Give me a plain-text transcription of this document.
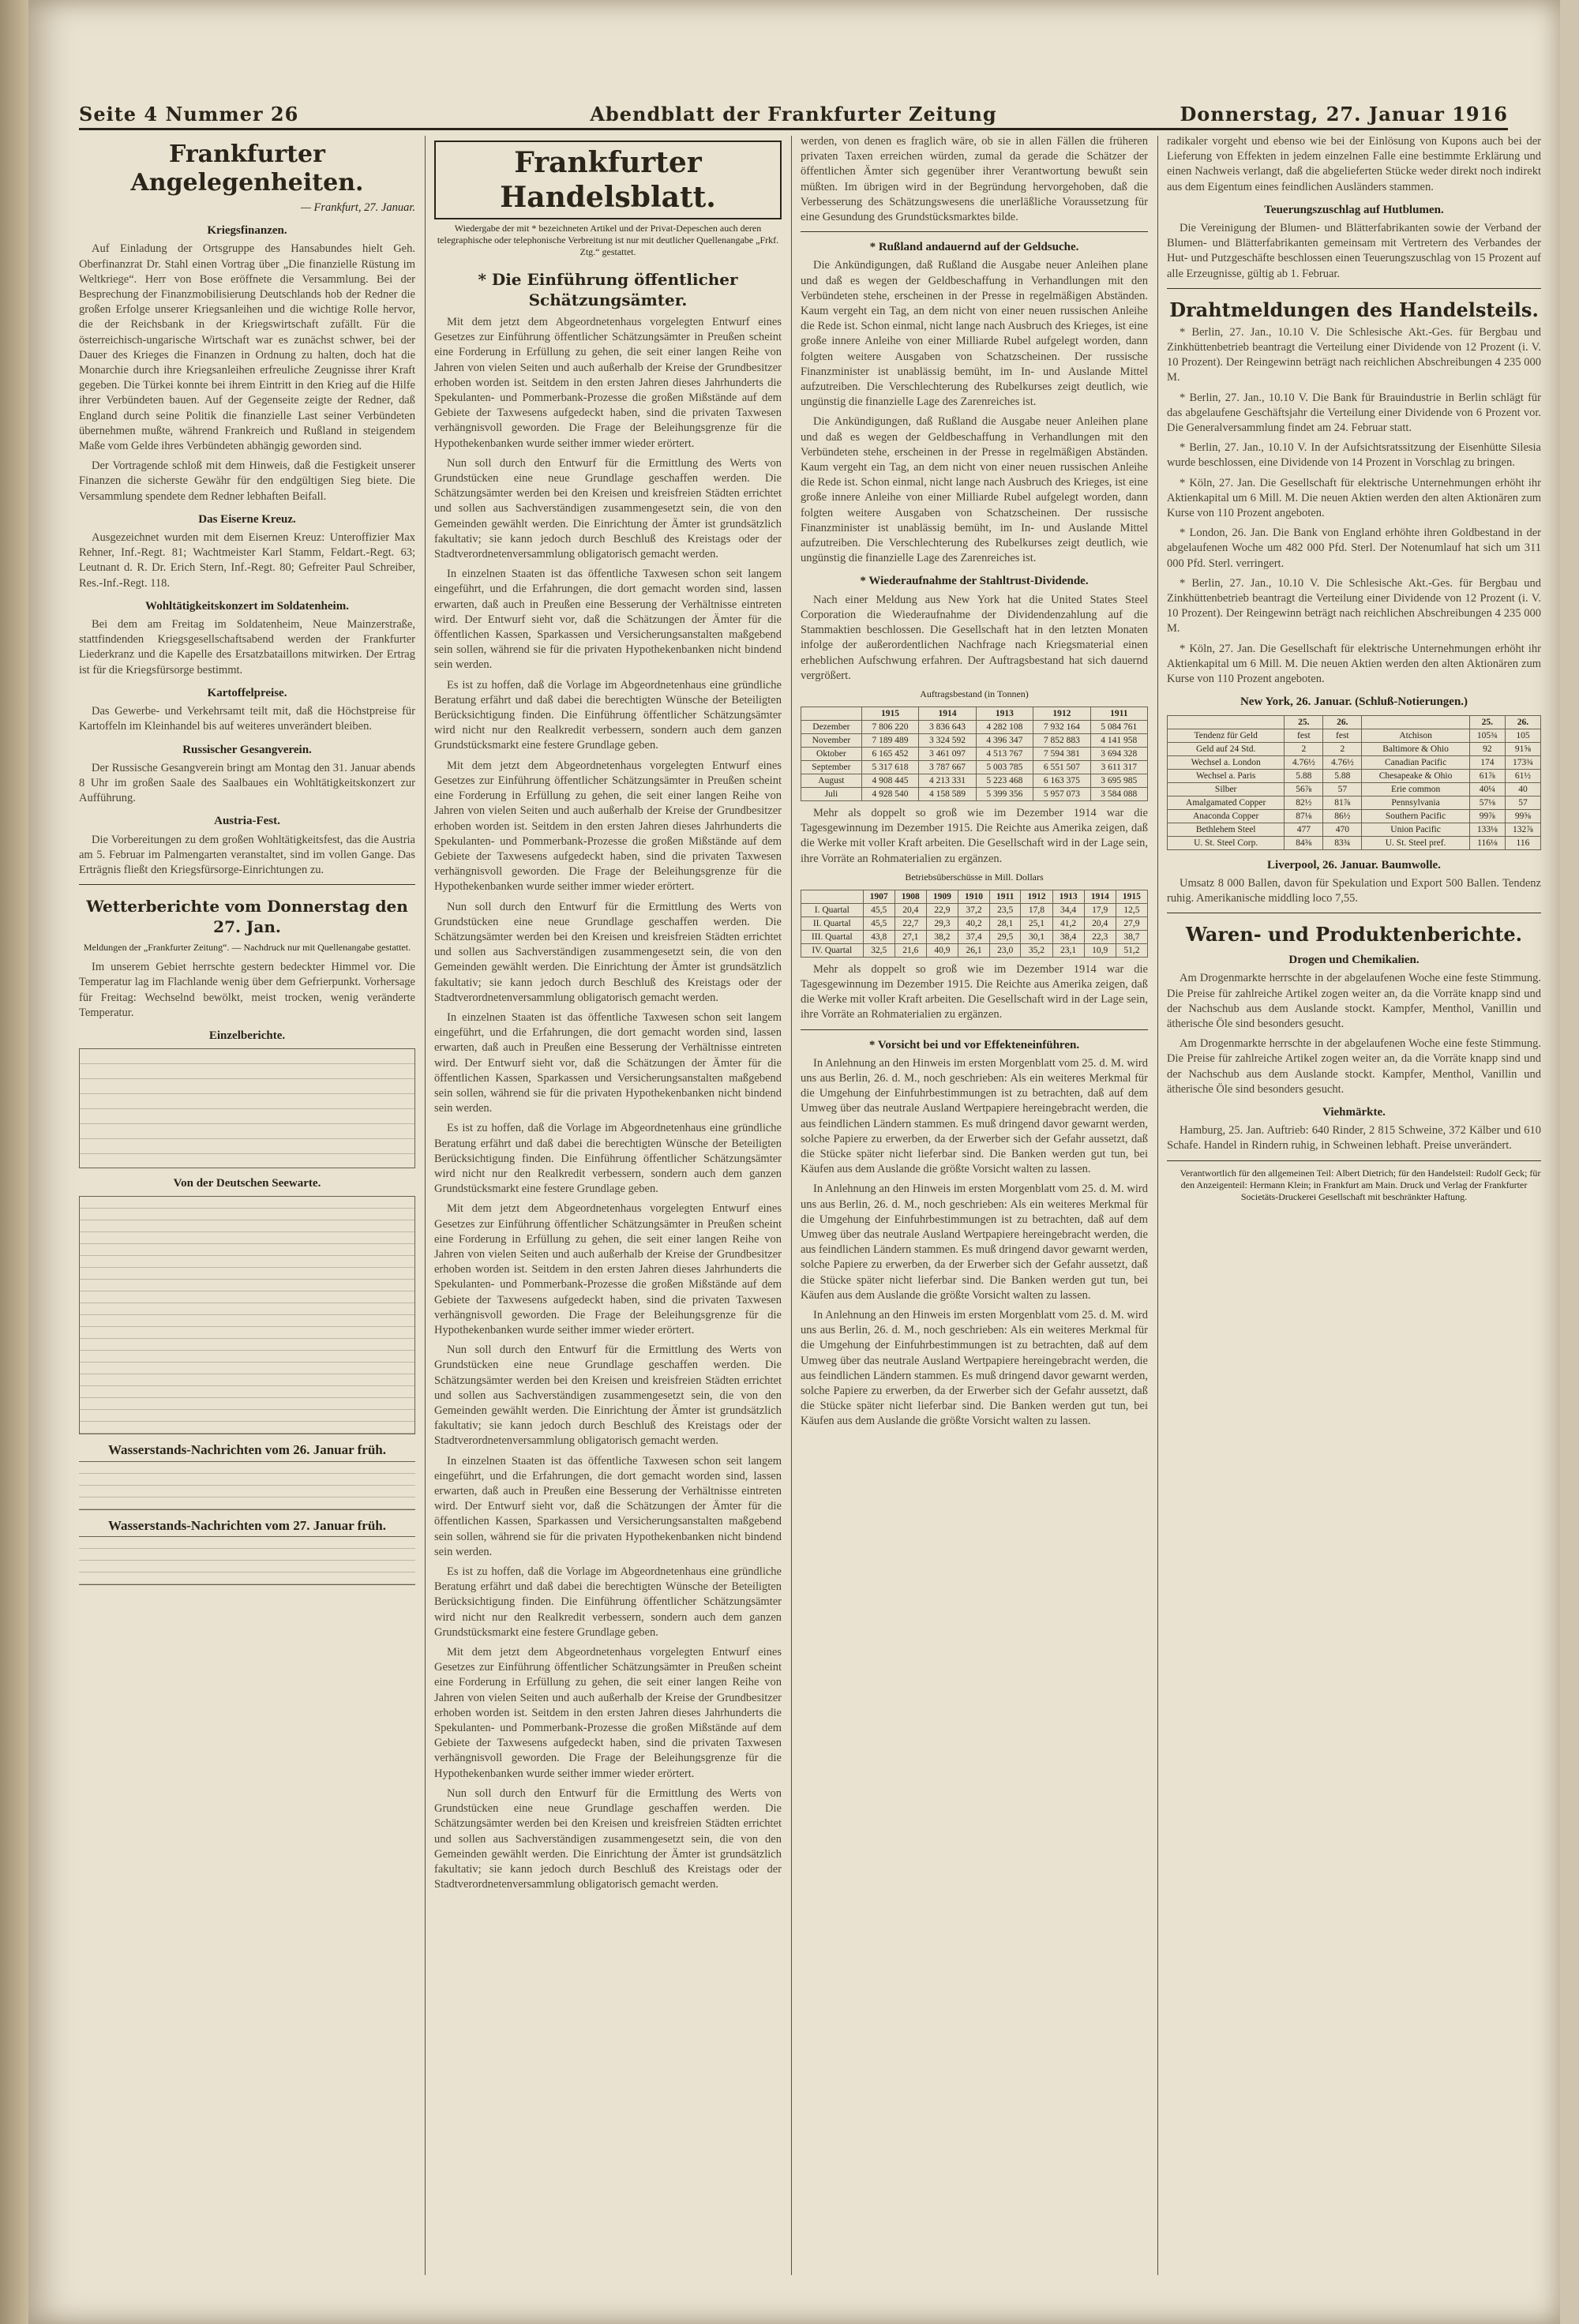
Seite 4 Nummer 26	Abendblatt der Frankfurter Zeitung	Donnerstag, 27. Januar 1916
Frankfurter Angelegenheiten.
— Frankfurt, 27. Januar.
Kriegsfinanzen.

Auf Einladung der Ortsgruppe des Hansabundes hielt Geh. Oberfinanzrat Dr. Stahl einen Vortrag über „Die finanzielle Rüstung im Weltkriege“. Herr von Bose eröffnete die Versammlung. Bei der Besprechung der Finanzmobilisierung Deutschlands hob der Redner die großen Erfolge unserer Kriegsanleihen und die wichtige Rolle hervor, die der Reichsbank in der Kriegswirtschaft zufällt. Für die österreichisch-ungarische Wirtschaft war es zunächst schwer, bei der Dauer des Krieges die Finanzen in Ordnung zu halten, doch hat die Monarchie durch ihre Kriegsanleihen erfreuliche Zeugnisse ihrer Kraft gegeben. Die Türkei konnte bei ihrem Eintritt in den Krieg auf die Hilfe ihrer Verbündeten bauen. Auf der Gegenseite zeigte der Redner, daß England durch seine Politik die finanzielle Last seiner Verbündeten übernehmen mußte, während Frankreich und Rußland in steigendem Maße vom Gelde ihres Verbündeten abhängig geworden sind.

Der Vortragende schloß mit dem Hinweis, daß die Festigkeit unserer Finanzen die sicherste Gewähr für den endgültigen Sieg biete. Die Versammlung spendete dem Redner lebhaften Beifall.

Das Eiserne Kreuz.

Ausgezeichnet wurden mit dem Eisernen Kreuz: Unteroffizier Max Rehner, Inf.-Regt. 81; Wachtmeister Karl Stamm, Feldart.-Regt. 63; Leutnant d. R. Dr. Erich Stern, Inf.-Regt. 80; Gefreiter Paul Schreiber, Res.-Inf.-Regt. 118.

Wohltätigkeitskonzert im Soldatenheim.

Bei dem am Freitag im Soldatenheim, Neue Mainzerstraße, stattfindenden Kriegsgesellschaftsabend werden der Frankfurter Liederkranz und die Kapelle des Ersatzbataillons mitwirken. Der Ertrag ist für die Kriegsfürsorge bestimmt.

Kartoffelpreise.

Das Gewerbe- und Verkehrsamt teilt mit, daß die Höchstpreise für Kartoffeln im Kleinhandel bis auf weiteres unverändert bleiben.

Russischer Gesangverein.

Der Russische Gesangverein bringt am Montag den 31. Januar abends 8 Uhr im großen Saale des Saalbaues ein Wohltätigkeitskonzert zur Aufführung.

Austria-Fest.

Die Vorbereitungen zu dem großen Wohltätigkeitsfest, das die Austria am 5. Februar im Palmengarten veranstaltet, sind im vollen Gange. Das Erträgnis fließt den Kriegsfürsorge-Einrichtungen zu.

Wetterberichte vom Donnerstag den 27. Jan.
Meldungen der „Frankfurter Zeitung“. — Nachdruck nur mit Quellenangabe gestattet.

Im unserem Gebiet herrschte gestern bedeckter Himmel vor. Die Temperatur lag im Flachlande wenig über dem Gefrierpunkt. Vorhersage für Freitag: Wechselnd bewölkt, meist trocken, wenig veränderte Temperatur.

Einzelberichte.
Von der Deutschen Seewarte.
Wasserstands-Nachrichten vom 26. Januar früh.
Wasserstands-Nachrichten vom 27. Januar früh.
Frankfurter Handelsblatt.
Wiedergabe der mit * bezeichneten Artikel und der Privat-Depeschen auch deren telegraphische oder telephonische Verbreitung ist nur mit deutlicher Quellenangabe „Frkf. Ztg.“ gestattet.
* Die Einführung öffentlicher Schätzungsämter.

Mit dem jetzt dem Abgeordnetenhaus vorgelegten Entwurf eines Gesetzes zur Einführung öffentlicher Schätzungsämter in Preußen scheint eine Forderung in Erfüllung zu gehen, die seit einer langen Reihe von Jahren von vielen Seiten und auch außerhalb der Kreise der Grundbesitzer erhoben worden ist. Seitdem in den ersten Jahren dieses Jahrhunderts die Spekulanten- und Pommerbank-Prozesse die großen Mißstände auf dem Gebiete der Taxwesens aufgedeckt haben, sind die privaten Taxwesen verhängnisvoll geworden. Die Frage der Beleihungsgrenze für die Hypothekenbanken wurde seither immer wieder erörtert.

Nun soll durch den Entwurf für die Ermittlung des Werts von Grundstücken eine neue Grundlage geschaffen werden. Die Schätzungsämter werden bei den Kreisen und kreisfreien Städten errichtet und sollen aus Sachverständigen zusammengesetzt sein, die von den Gemeinden gewählt werden. Die Einrichtung der Ämter ist grundsätzlich fakultativ; sie kann jedoch durch Beschluß des Kreistags oder der Stadtverordnetenversammlung obligatorisch gemacht werden.

In einzelnen Staaten ist das öffentliche Taxwesen schon seit langem eingeführt, und die Erfahrungen, die dort gemacht worden sind, lassen erwarten, daß auch in Preußen eine Besserung der Verhältnisse eintreten wird. Der Entwurf sieht vor, daß die Schätzungen der Ämter für die öffentlichen Kassen, Sparkassen und Versicherungsanstalten maßgebend sein sollen, während sie für die privaten Hypothekenbanken nicht bindend sein werden.

Es ist zu hoffen, daß die Vorlage im Abgeordnetenhaus eine gründliche Beratung erfährt und daß dabei die berechtigten Wünsche der Beteiligten Berücksichtigung finden. Die Einführung öffentlicher Schätzungsämter wird nicht nur den Realkredit verbessern, sondern auch dem ganzen Grundstücksmarkt eine festere Grundlage geben.

Mit dem jetzt dem Abgeordnetenhaus vorgelegten Entwurf eines Gesetzes zur Einführung öffentlicher Schätzungsämter in Preußen scheint eine Forderung in Erfüllung zu gehen, die seit einer langen Reihe von Jahren von vielen Seiten und auch außerhalb der Kreise der Grundbesitzer erhoben worden ist. Seitdem in den ersten Jahren dieses Jahrhunderts die Spekulanten- und Pommerbank-Prozesse die großen Mißstände auf dem Gebiete der Taxwesens aufgedeckt haben, sind die privaten Taxwesen verhängnisvoll geworden. Die Frage der Beleihungsgrenze für die Hypothekenbanken wurde seither immer wieder erörtert.

Nun soll durch den Entwurf für die Ermittlung des Werts von Grundstücken eine neue Grundlage geschaffen werden. Die Schätzungsämter werden bei den Kreisen und kreisfreien Städten errichtet und sollen aus Sachverständigen zusammengesetzt sein, die von den Gemeinden gewählt werden. Die Einrichtung der Ämter ist grundsätzlich fakultativ; sie kann jedoch durch Beschluß des Kreistags oder der Stadtverordnetenversammlung obligatorisch gemacht werden.

In einzelnen Staaten ist das öffentliche Taxwesen schon seit langem eingeführt, und die Erfahrungen, die dort gemacht worden sind, lassen erwarten, daß auch in Preußen eine Besserung der Verhältnisse eintreten wird. Der Entwurf sieht vor, daß die Schätzungen der Ämter für die öffentlichen Kassen, Sparkassen und Versicherungsanstalten maßgebend sein sollen, während sie für die privaten Hypothekenbanken nicht bindend sein werden.

Es ist zu hoffen, daß die Vorlage im Abgeordnetenhaus eine gründliche Beratung erfährt und daß dabei die berechtigten Wünsche der Beteiligten Berücksichtigung finden. Die Einführung öffentlicher Schätzungsämter wird nicht nur den Realkredit verbessern, sondern auch dem ganzen Grundstücksmarkt eine festere Grundlage geben.

Mit dem jetzt dem Abgeordnetenhaus vorgelegten Entwurf eines Gesetzes zur Einführung öffentlicher Schätzungsämter in Preußen scheint eine Forderung in Erfüllung zu gehen, die seit einer langen Reihe von Jahren von vielen Seiten und auch außerhalb der Kreise der Grundbesitzer erhoben worden ist. Seitdem in den ersten Jahren dieses Jahrhunderts die Spekulanten- und Pommerbank-Prozesse die großen Mißstände auf dem Gebiete der Taxwesens aufgedeckt haben, sind die privaten Taxwesen verhängnisvoll geworden. Die Frage der Beleihungsgrenze für die Hypothekenbanken wurde seither immer wieder erörtert.

Nun soll durch den Entwurf für die Ermittlung des Werts von Grundstücken eine neue Grundlage geschaffen werden. Die Schätzungsämter werden bei den Kreisen und kreisfreien Städten errichtet und sollen aus Sachverständigen zusammengesetzt sein, die von den Gemeinden gewählt werden. Die Einrichtung der Ämter ist grundsätzlich fakultativ; sie kann jedoch durch Beschluß des Kreistags oder der Stadtverordnetenversammlung obligatorisch gemacht werden.

In einzelnen Staaten ist das öffentliche Taxwesen schon seit langem eingeführt, und die Erfahrungen, die dort gemacht worden sind, lassen erwarten, daß auch in Preußen eine Besserung der Verhältnisse eintreten wird. Der Entwurf sieht vor, daß die Schätzungen der Ämter für die öffentlichen Kassen, Sparkassen und Versicherungsanstalten maßgebend sein sollen, während sie für die privaten Hypothekenbanken nicht bindend sein werden.

Es ist zu hoffen, daß die Vorlage im Abgeordnetenhaus eine gründliche Beratung erfährt und daß dabei die berechtigten Wünsche der Beteiligten Berücksichtigung finden. Die Einführung öffentlicher Schätzungsämter wird nicht nur den Realkredit verbessern, sondern auch dem ganzen Grundstücksmarkt eine festere Grundlage geben.

Mit dem jetzt dem Abgeordnetenhaus vorgelegten Entwurf eines Gesetzes zur Einführung öffentlicher Schätzungsämter in Preußen scheint eine Forderung in Erfüllung zu gehen, die seit einer langen Reihe von Jahren von vielen Seiten und auch außerhalb der Kreise der Grundbesitzer erhoben worden ist. Seitdem in den ersten Jahren dieses Jahrhunderts die Spekulanten- und Pommerbank-Prozesse die großen Mißstände auf dem Gebiete der Taxwesens aufgedeckt haben, sind die privaten Taxwesen verhängnisvoll geworden. Die Frage der Beleihungsgrenze für die Hypothekenbanken wurde seither immer wieder erörtert.

Nun soll durch den Entwurf für die Ermittlung des Werts von Grundstücken eine neue Grundlage geschaffen werden. Die Schätzungsämter werden bei den Kreisen und kreisfreien Städten errichtet und sollen aus Sachverständigen zusammengesetzt sein, die von den Gemeinden gewählt werden. Die Einrichtung der Ämter ist grundsätzlich fakultativ; sie kann jedoch durch Beschluß des Kreistags oder der Stadtverordnetenversammlung obligatorisch gemacht werden.

werden, von denen es fraglich wäre, ob sie in allen Fällen die früheren privaten Taxen erreichen würden, zumal da gerade die Schätzer der öffentlichen Ämter sich gegenüber ihrer Verantwortung bewußt sein müßten. Im übrigen wird in der Begründung hervorgehoben, daß die Verbesserung des Schätzungswesens die unerläßliche Voraussetzung für eine Gesundung des Grundstücksmarktes bilde.

* Rußland andauernd auf der Geldsuche.

Die Ankündigungen, daß Rußland die Ausgabe neuer Anleihen plane und daß es wegen der Geldbeschaffung in Verhandlungen mit den Verbündeten stehe, erscheinen in der Presse in regelmäßigen Abständen. Kaum vergeht ein Tag, an dem nicht von einer neuen russischen Anleihe die Rede ist. Schon einmal, nicht lange nach Ausbruch des Krieges, ist eine große innere Anleihe von einer Milliarde Rubel aufgelegt worden, dann folgten weitere Ausgaben von Schatzscheinen. Der russische Finanzminister ist unablässig bemüht, im In- und Auslande Mittel aufzutreiben. Die Verschlechterung des Rubelkurses zeigt deutlich, wie ungünstig die finanzielle Lage des Zarenreiches ist.

Die Ankündigungen, daß Rußland die Ausgabe neuer Anleihen plane und daß es wegen der Geldbeschaffung in Verhandlungen mit den Verbündeten stehe, erscheinen in der Presse in regelmäßigen Abständen. Kaum vergeht ein Tag, an dem nicht von einer neuen russischen Anleihe die Rede ist. Schon einmal, nicht lange nach Ausbruch des Krieges, ist eine große innere Anleihe von einer Milliarde Rubel aufgelegt worden, dann folgten weitere Ausgaben von Schatzscheinen. Der russische Finanzminister ist unablässig bemüht, im In- und Auslande Mittel aufzutreiben. Die Verschlechterung des Rubelkurses zeigt deutlich, wie ungünstig die finanzielle Lage des Zarenreiches ist.

* Wiederaufnahme der Stahltrust-Dividende.

Nach einer Meldung aus New York hat die United States Steel Corporation die Wiederaufnahme der Dividendenzahlung auf die Stammaktien beschlossen. Die Gesellschaft hat in den letzten Monaten infolge der außerordentlichen Nachfrage nach Kriegsmaterial einen erheblichen Aufschwung erfahren. Der Auftragsbestand hat sich dauernd vergrößert.

Auftragsbestand (in Tonnen)
	1915	1914	1913	1912	1911
Dezember	7 806 220	3 836 643	4 282 108	7 932 164	5 084 761
November	7 189 489	3 324 592	4 396 347	7 852 883	4 141 958
Oktober	6 165 452	3 461 097	4 513 767	7 594 381	3 694 328
September	5 317 618	3 787 667	5 003 785	6 551 507	3 611 317
August	4 908 445	4 213 331	5 223 468	6 163 375	3 695 985
Juli	4 928 540	4 158 589	5 399 356	5 957 073	3 584 088

Mehr als doppelt so groß wie im Dezember 1914 war die Tagesgewinnung im Dezember 1915. Die Reichte aus Amerika zeigen, daß die Werke mit voller Kraft arbeiten. Die Gesellschaft wird in der Lage sein, ihre Vorräte an Rohmaterialien zu ergänzen.

Betriebsüberschüsse in Mill. Dollars
	1907	1908	1909	1910	1911	1912	1913	1914	1915
I. Quartal	45,5	20,4	22,9	37,2	23,5	17,8	34,4	17,9	12,5
II. Quartal	45,5	22,7	29,3	40,2	28,1	25,1	41,2	20,4	27,9
III. Quartal	43,8	27,1	38,2	37,4	29,5	30,1	38,4	22,3	38,7
IV. Quartal	32,5	21,6	40,9	26,1	23,0	35,2	23,1	10,9	51,2

Mehr als doppelt so groß wie im Dezember 1914 war die Tagesgewinnung im Dezember 1915. Die Reichte aus Amerika zeigen, daß die Werke mit voller Kraft arbeiten. Die Gesellschaft wird in der Lage sein, ihre Vorräte an Rohmaterialien zu ergänzen.

* Vorsicht bei und vor Effekteneinführen.

In Anlehnung an den Hinweis im ersten Morgenblatt vom 25. d. M. wird uns aus Berlin, 26. d. M., noch geschrieben: Als ein weiteres Merkmal für die Umgehung der Einfuhrbestimmungen ist zu betrachten, daß auf dem Umweg über das neutrale Ausland Wertpapiere hereingebracht werden, die aus feindlichen Ländern stammen. Es muß dringend davor gewarnt werden, solche Papiere zu erwerben, da der Erwerber sich der Gefahr aussetzt, daß die Stücke später nicht lieferbar sind. Die Banken werden gut tun, bei Käufen aus dem Auslande die größte Vorsicht walten zu lassen.

In Anlehnung an den Hinweis im ersten Morgenblatt vom 25. d. M. wird uns aus Berlin, 26. d. M., noch geschrieben: Als ein weiteres Merkmal für die Umgehung der Einfuhrbestimmungen ist zu betrachten, daß auf dem Umweg über das neutrale Ausland Wertpapiere hereingebracht werden, die aus feindlichen Ländern stammen. Es muß dringend davor gewarnt werden, solche Papiere zu erwerben, da der Erwerber sich der Gefahr aussetzt, daß die Stücke später nicht lieferbar sind. Die Banken werden gut tun, bei Käufen aus dem Auslande die größte Vorsicht walten zu lassen.

In Anlehnung an den Hinweis im ersten Morgenblatt vom 25. d. M. wird uns aus Berlin, 26. d. M., noch geschrieben: Als ein weiteres Merkmal für die Umgehung der Einfuhrbestimmungen ist zu betrachten, daß auf dem Umweg über das neutrale Ausland Wertpapiere hereingebracht werden, die aus feindlichen Ländern stammen. Es muß dringend davor gewarnt werden, solche Papiere zu erwerben, da der Erwerber sich der Gefahr aussetzt, daß die Stücke später nicht lieferbar sind. Die Banken werden gut tun, bei Käufen aus dem Auslande die größte Vorsicht walten zu lassen.

radikaler vorgeht und ebenso wie bei der Einlösung von Kupons auch bei der Lieferung von Effekten in jedem einzelnen Falle eine bestimmte Erklärung und einen Nachweis verlangt, daß die abgelieferten Stücke weder direkt noch indirekt aus dem Eigentum eines feindlichen Ausländers stammen.

Teuerungszuschlag auf Hutblumen.

Die Vereinigung der Blumen- und Blätterfabrikanten sowie der Verband der Blumen- und Blätterfabrikanten gemeinsam mit Vertretern des Verbandes der Hut- und Putzgeschäfte beschlossen einen Teuerungszuschlag von 15 Prozent auf alle Erzeugnisse, gültig ab 1. Februar.

Drahtmeldungen des Handelsteils.

* Berlin, 27. Jan., 10.10 V. Die Schlesische Akt.-Ges. für Bergbau und Zinkhüttenbetrieb beantragt die Verteilung einer Dividende von 12 Prozent (i. V. 10 Prozent). Der Reingewinn beträgt nach reichlichen Abschreibungen 4 235 000 M.

* Berlin, 27. Jan., 10.10 V. Die Bank für Brauindustrie in Berlin schlägt für das abgelaufene Geschäftsjahr die Verteilung einer Dividende von 6 Prozent vor. Die Generalversammlung findet am 24. Februar statt.

* Berlin, 27. Jan., 10.10 V. In der Aufsichtsratssitzung der Eisenhütte Silesia wurde beschlossen, eine Dividende von 14 Prozent in Vorschlag zu bringen.

* Köln, 27. Jan. Die Gesellschaft für elektrische Unternehmungen erhöht ihr Aktienkapital um 6 Mill. M. Die neuen Aktien werden den alten Aktionären zum Kurse von 110 Prozent angeboten.

* London, 26. Jan. Die Bank von England erhöhte ihren Goldbestand in der abgelaufenen Woche um 482 000 Pfd. Sterl. Der Notenumlauf hat sich um 311 000 Pfd. Sterl. verringert.

* Berlin, 27. Jan., 10.10 V. Die Schlesische Akt.-Ges. für Bergbau und Zinkhüttenbetrieb beantragt die Verteilung einer Dividende von 12 Prozent (i. V. 10 Prozent). Der Reingewinn beträgt nach reichlichen Abschreibungen 4 235 000 M.

* Köln, 27. Jan. Die Gesellschaft für elektrische Unternehmungen erhöht ihr Aktienkapital um 6 Mill. M. Die neuen Aktien werden den alten Aktionären zum Kurse von 110 Prozent angeboten.

New York, 26. Januar. (Schluß-Notierungen.)
	25.	26.		25.	26.
Tendenz für Geld	fest	fest	Atchison	105¾	105
Geld auf 24 Std.	2	2	Baltimore & Ohio	92	91⅝
Wechsel a. London	4.76½	4.76½	Canadian Pacific	174	173¾
Wechsel a. Paris	5.88	5.88	Chesapeake & Ohio	61⅞	61½
Silber	56⅞	57	Erie common	40¼	40
Amalgamated Copper	82½	81⅞	Pennsylvania	57⅛	57
Anaconda Copper	87⅛	86½	Southern Pacific	99⅞	99⅝
Bethlehem Steel	477	470	Union Pacific	133⅛	132⅞
U. St. Steel Corp.	84⅜	83¾	U. St. Steel pref.	116⅛	116
Liverpool, 26. Januar. Baumwolle.

Umsatz 8 000 Ballen, davon für Spekulation und Export 500 Ballen. Tendenz ruhig. Amerikanische middling loco 7,55.

Waren- und Produktenberichte.
Drogen und Chemikalien.

Am Drogenmarkte herrschte in der abgelaufenen Woche eine feste Stimmung. Die Preise für zahlreiche Artikel zogen weiter an, da die Vorräte knapp sind und der Nachschub aus dem Auslande stockt. Kampfer, Menthol, Vanillin und ätherische Öle sind besonders gesucht.

Am Drogenmarkte herrschte in der abgelaufenen Woche eine feste Stimmung. Die Preise für zahlreiche Artikel zogen weiter an, da die Vorräte knapp sind und der Nachschub aus dem Auslande stockt. Kampfer, Menthol, Vanillin und ätherische Öle sind besonders gesucht.

Viehmärkte.

Hamburg, 25. Jan. Auftrieb: 640 Rinder, 2 815 Schweine, 372 Kälber und 610 Schafe. Handel in Rindern ruhig, in Schweinen lebhaft. Preise unverändert.

Verantwortlich für den allgemeinen Teil: Albert Dietrich; für den Handelsteil: Rudolf Geck; für den Anzeigenteil: Hermann Klein; in Frankfurt am Main. Druck und Verlag der Frankfurter Societäts-Druckerei Gesellschaft mit beschränkter Haftung.
